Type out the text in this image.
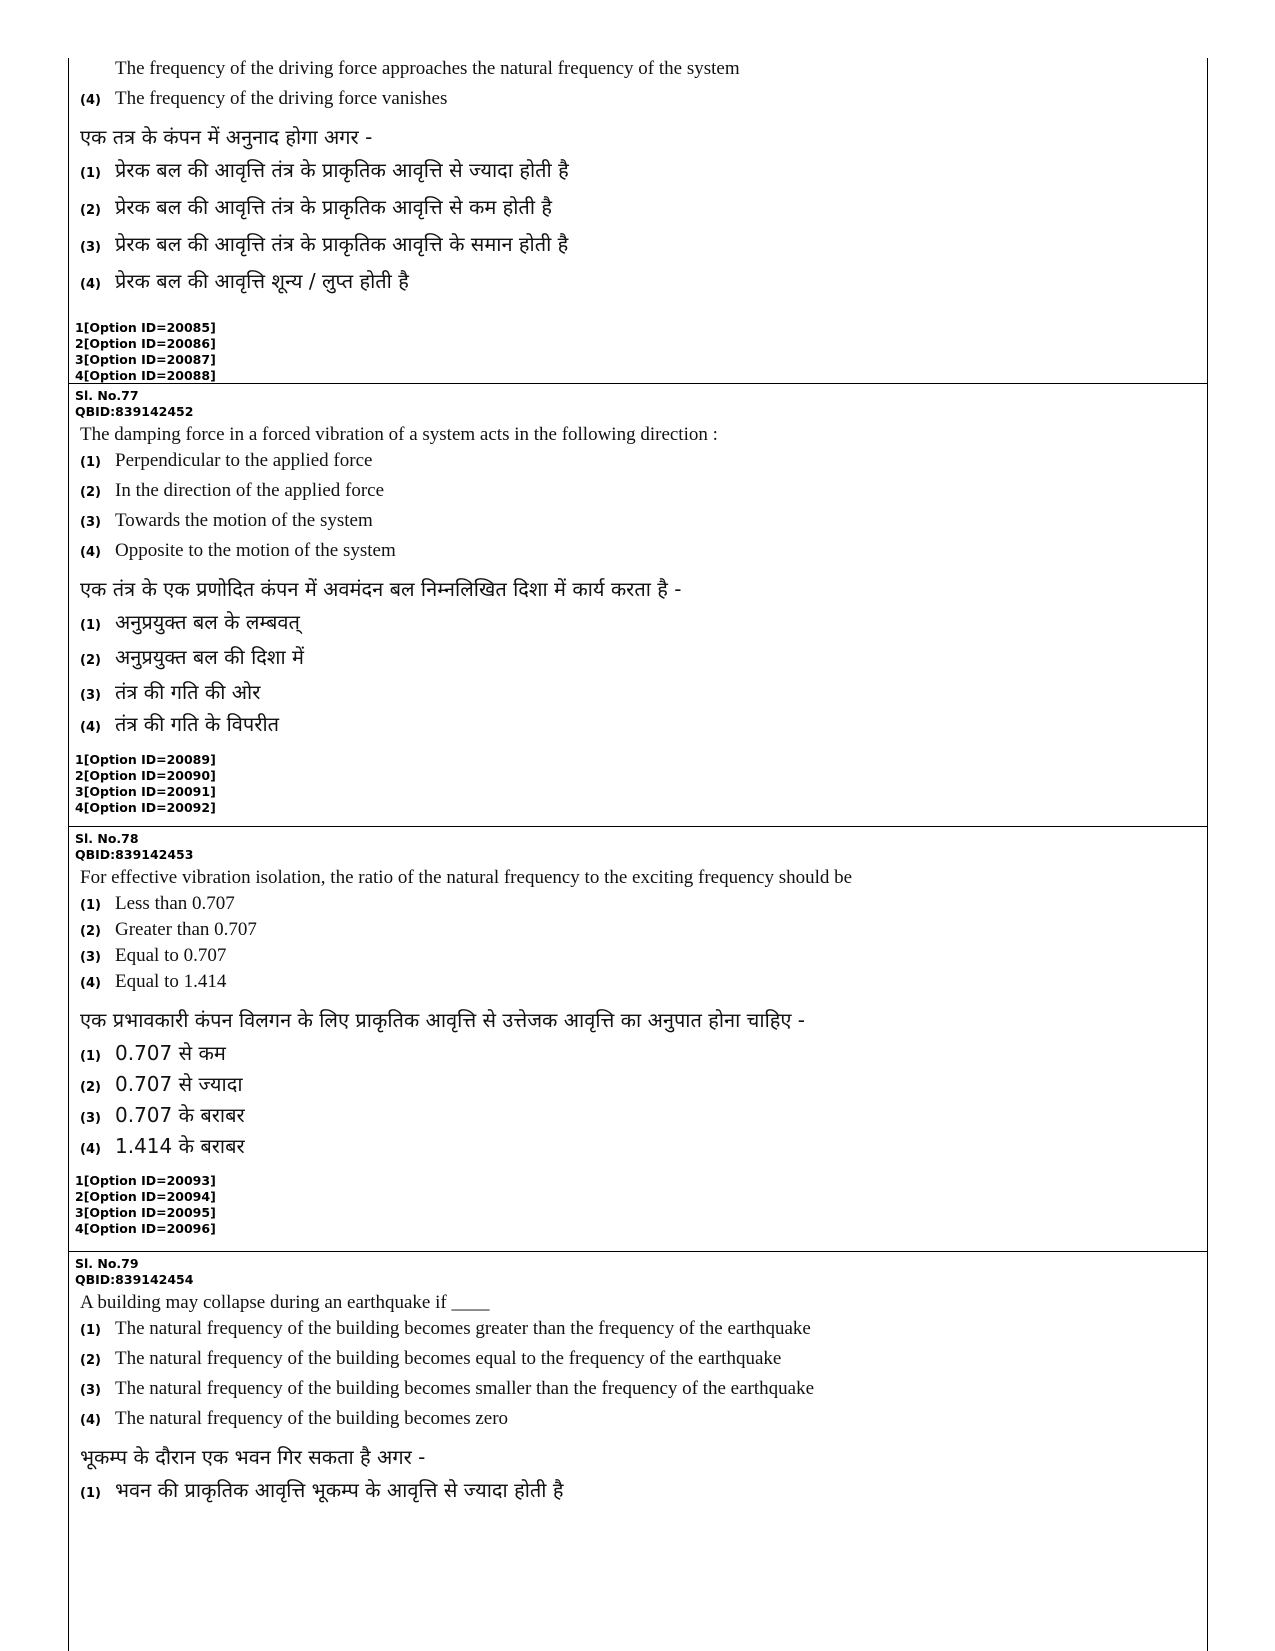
The frequency of the driving force approaches the natural frequency of the system
(4) The frequency of the driving force vanishes
एक तत्र के कंपन में अनुनाद होगा अगर -
(1) प्रेरक बल की आवृत्ति तंत्र के प्राकृतिक आवृत्ति से ज्यादा होती है
(2) प्रेरक बल की आवृत्ति तंत्र के प्राकृतिक आवृत्ति से कम होती है
(3) प्रेरक बल की आवृत्ति तंत्र के प्राकृतिक आवृत्ति के समान होती है
(4) प्रेरक बल की आवृत्ति शून्य / लुप्त होती है
1[Option ID=20085]
2[Option ID=20086]
3[Option ID=20087]
4[Option ID=20088]
Sl. No.77
QBID:839142452
The damping force in a forced vibration of a system acts in the following direction :
(1) Perpendicular to the applied force
(2) In the direction of the applied force
(3) Towards the motion of the system
(4) Opposite to the motion of the system
एक तंत्र के एक प्रणोदित कंपन में अवमंदन बल निम्नलिखित दिशा में कार्य करता है -
(1) अनुप्रयुक्त बल के लम्बवत्
(2) अनुप्रयुक्त बल की दिशा में
(3) तंत्र की गति की ओर
(4) तंत्र की गति के विपरीत
1[Option ID=20089]
2[Option ID=20090]
3[Option ID=20091]
4[Option ID=20092]
Sl. No.78
QBID:839142453
For effective vibration isolation, the ratio of the natural frequency to the exciting frequency should be
(1) Less than 0.707
(2) Greater than 0.707
(3) Equal to 0.707
(4) Equal to 1.414
एक प्रभावकारी कंपन विलगन के लिए प्राकृतिक आवृत्ति से उत्तेजक आवृत्ति का अनुपात होना चाहिए -
(1) 0.707 से कम
(2) 0.707 से ज्यादा
(3) 0.707 के बराबर
(4) 1.414 के बराबर
1[Option ID=20093]
2[Option ID=20094]
3[Option ID=20095]
4[Option ID=20096]
Sl. No.79
QBID:839142454
A building may collapse during an earthquake if ____
(1) The natural frequency of the building becomes greater than the frequency of the earthquake
(2) The natural frequency of the building becomes equal to the frequency of the earthquake
(3) The natural frequency of the building becomes smaller than the frequency of the earthquake
(4) The natural frequency of the building becomes zero
भूकम्प के दौरान एक भवन गिर सकता है अगर -
(1) भवन की प्राकृतिक आवृत्ति भूकम्प के आवृत्ति से ज्यादा होती है
